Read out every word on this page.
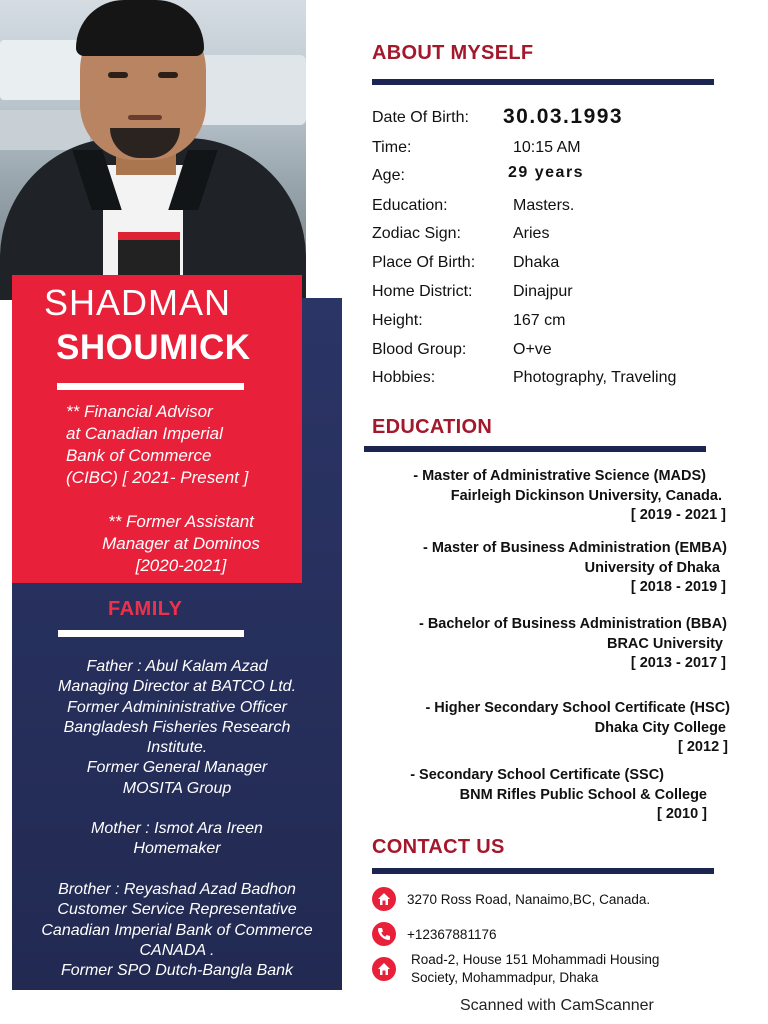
SHADMAN
SHOUMICK
** Financial Advisor
at Canadian Imperial
Bank of Commerce
(CIBC) [ 2021- Present ]
** Former Assistant
Manager at Dominos
[2020-2021]
FAMILY
Father : Abul Kalam Azad
Managing Director at BATCO Ltd.
Former Admininistrative Officer
Bangladesh Fisheries Research
Institute.
Former General Manager
MOSITA Group
Mother : Ismot Ara Ireen
Homemaker
Brother : Reyashad Azad Badhon
Customer Service Representative
Canadian Imperial Bank of Commerce
CANADA .
Former SPO Dutch-Bangla Bank
ABOUT MYSELF
Date Of Birth: 30.03.1993
Time:	10:15 AM
Age:	29 years
Education:	Masters.
Zodiac Sign:	Aries
Place Of Birth: Dhaka
Home District:	Dinajpur
Height:	167 cm
Blood Group:	O+ve
Hobbies:	Photography, Traveling
EDUCATION
- Master of Administrative Science (MADS)
Fairleigh Dickinson University, Canada.
[ 2019 - 2021 ]
- Master of Business Administration (EMBA)
University of Dhaka
[ 2018 - 2019 ]
- Bachelor of Business Administration (BBA)
BRAC University
[ 2013 - 2017 ]
- Higher Secondary School Certificate (HSC)
Dhaka City College
[ 2012 ]
- Secondary School Certificate (SSC)
BNM Rifles Public School & College
[ 2010 ]
CONTACT US
3270 Ross Road, Nanaimo,BC, Canada.
+12367881176
Road-2, House 151 Mohammadi Housing
Society, Mohammadpur, Dhaka
Scanned with CamScanner
